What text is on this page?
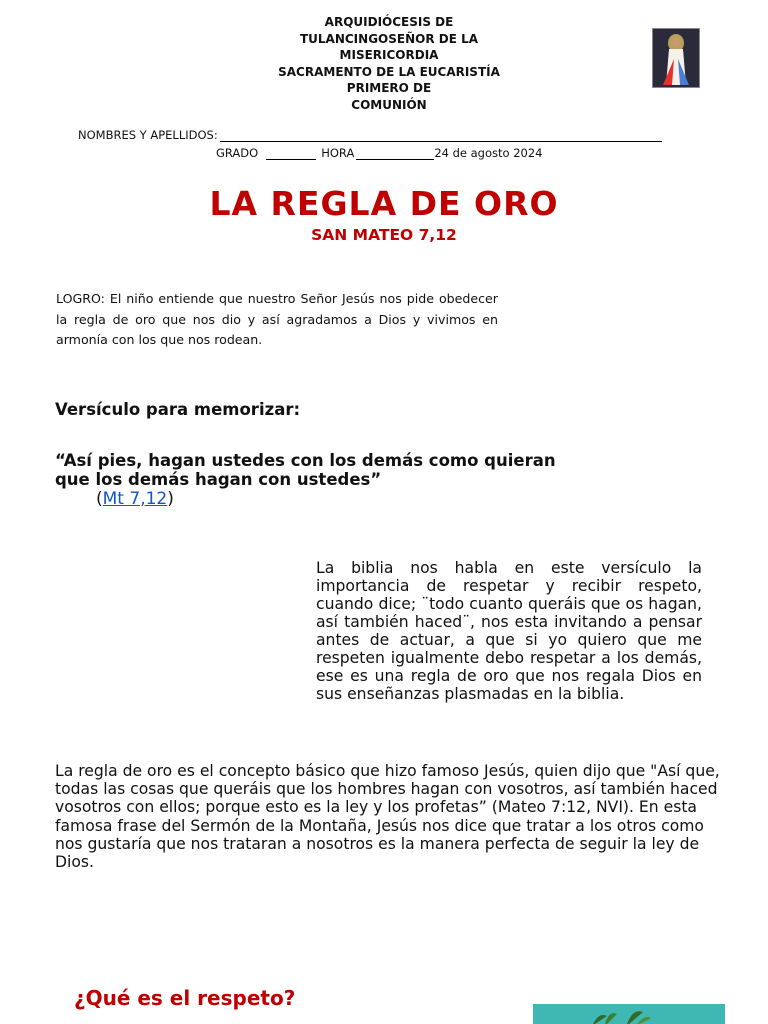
ARQUIDIÓCESIS DE
TULANCINGOSEÑOR DE LA
MISERICORDIA
SACRAMENTO DE LA EUCARISTÍA
PRIMERO DE
COMUNIÓN
NOMBRES Y APELLIDOS:
GRADO	HORA	24 de agosto 2024
LA REGLA DE ORO
SAN MATEO 7,12
LOGRO: El niño entiende que nuestro Señor Jesús nos pide obedecer la regla de oro que nos dio y así agradamos a Dios y vivimos en armonía con los que nos rodean.
Versículo para memorizar:
“Así pies, hagan ustedes con los demás como quieran
que los demás hagan con ustedes”
(Mt 7,12)
La biblia nos habla en este versículo la importancia de respetar y recibir respeto, cuando dice; ¨todo cuanto queráis que os hagan, así también haced¨, nos esta invitando a pensar antes de actuar, a que si yo quiero que me respeten igualmente debo respetar a los demás, ese es una regla de oro que nos regala Dios en sus enseñanzas plasmadas en la biblia.
La regla de oro es el concepto básico que hizo famoso Jesús, quien dijo que "Así que, todas las cosas que queráis que los hombres hagan con vosotros, así también haced vosotros con ellos; porque esto es la ley y los profetas” (Mateo 7:12, NVI). En esta famosa frase del Sermón de la Montaña, Jesús nos dice que tratar a los otros como nos gustaría que nos trataran a nosotros es la manera perfecta de seguir la ley de Dios.
¿Qué es el respeto?
